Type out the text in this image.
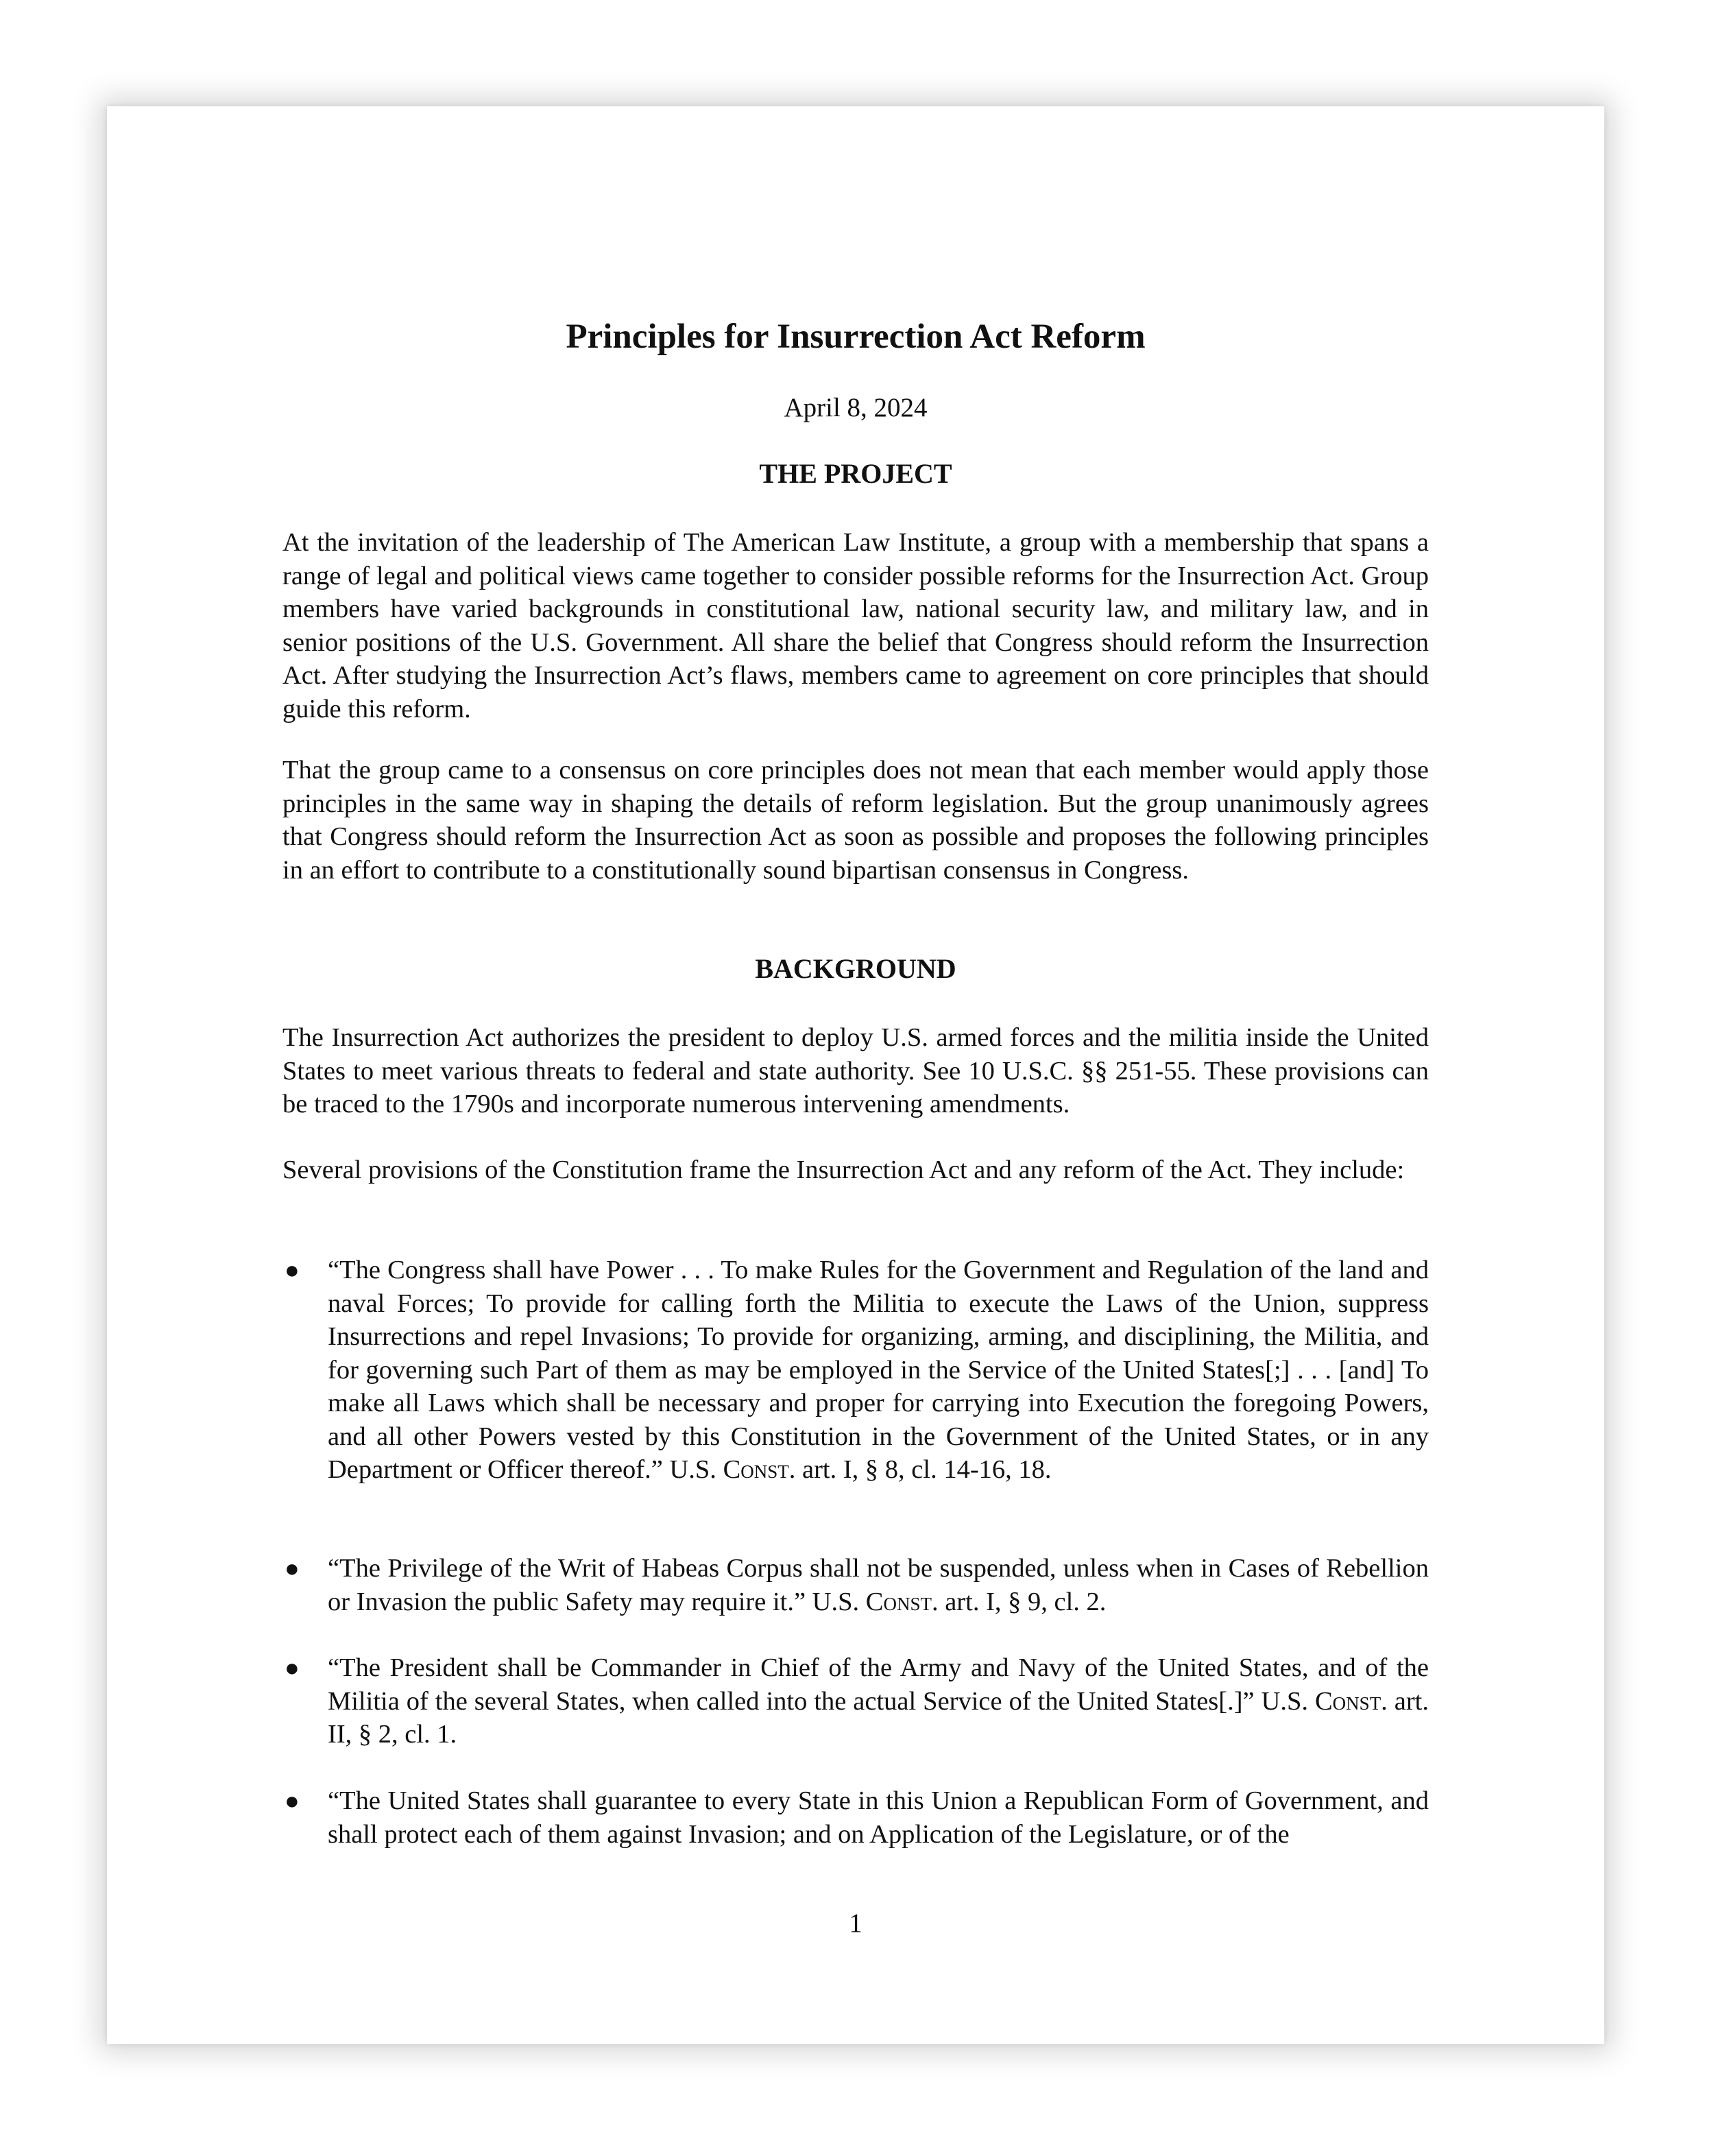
Principles for Insurrection Act Reform

April 8, 2024

THE PROJECT

At the invitation of the leadership of The American Law Institute, a group with a membership that spans a range of legal and political views came together to consider possible reforms for the Insurrection Act. Group members have varied backgrounds in constitutional law, national security law, and military law, and in senior positions of the U.S. Government. All share the belief that Congress should reform the Insurrection Act. After studying the Insurrection Act’s flaws, members came to agreement on core principles that should guide this reform.

That the group came to a consensus on core principles does not mean that each member would apply those principles in the same way in shaping the details of reform legislation. But the group unanimously agrees that Congress should reform the Insurrection Act as soon as possible and proposes the following principles in an effort to contribute to a constitutionally sound bipartisan consensus in Congress.

BACKGROUND

The Insurrection Act authorizes the president to deploy U.S. armed forces and the militia inside the United States to meet various threats to federal and state authority. See 10 U.S.C. §§ 251-55. These provisions can be traced to the 1790s and incorporate numerous intervening amendments.

Several provisions of the Constitution frame the Insurrection Act and any reform of the Act. They include:

● “The Congress shall have Power . . . To make Rules for the Government and Regulation of the land and naval Forces; To provide for calling forth the Militia to execute the Laws of the Union, suppress Insurrections and repel Invasions; To provide for organizing, arming, and disciplining, the Militia, and for governing such Part of them as may be employed in the Service of the United States[;] . . . [and] To make all Laws which shall be necessary and proper for carrying into Execution the foregoing Powers, and all other Powers vested by this Constitution in the Government of the United States, or in any Department or Officer thereof.” U.S. Const. art. I, § 8, cl. 14-16, 18.
● “The Privilege of the Writ of Habeas Corpus shall not be suspended, unless when in Cases of Rebellion or Invasion the public Safety may require it.” U.S. Const. art. I, § 9, cl. 2.
● “The President shall be Commander in Chief of the Army and Navy of the United States, and of the Militia of the several States, when called into the actual Service of the United States[.]” U.S. Const. art. II, § 2, cl. 1.
● “The United States shall guarantee to every State in this Union a Republican Form of Government, and shall protect each of them against Invasion; and on Application of the Legislature, or of the

1
